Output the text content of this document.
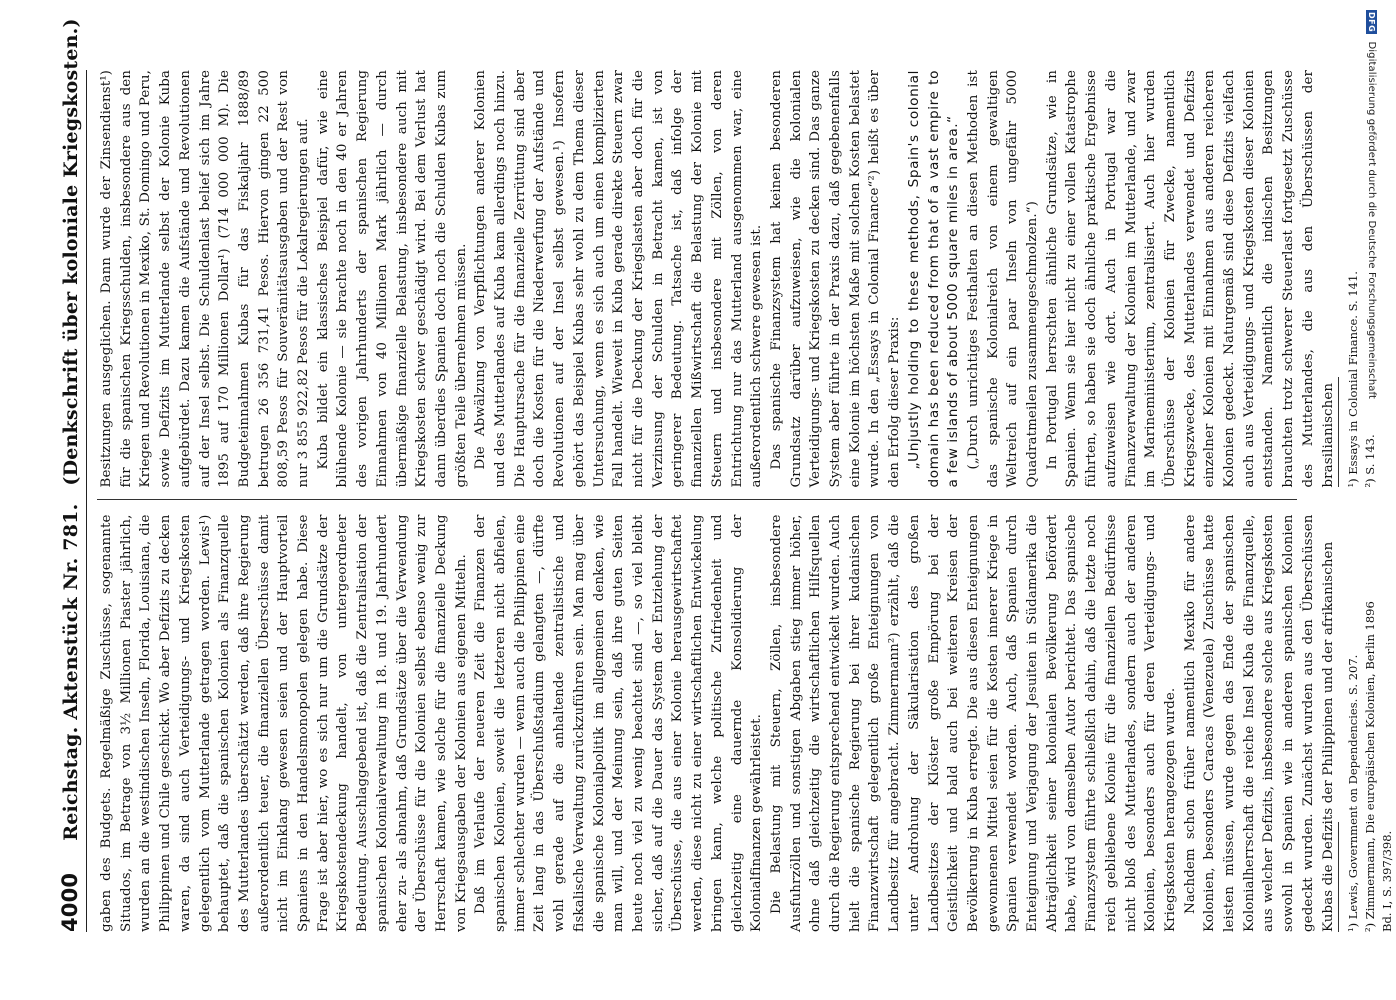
4000
Reichstag. Aktenstück Nr. 781.
(Denkschrift über koloniale Kriegskosten.)

gaben des Budgets. Regelmäßige Zuschüsse, sogenannte Situados, im Betrage von 3½ Millionen Piaster jährlich, wurden an die westindischen Inseln, Florida, Louisiana, die Philippinen und Chile geschickt. Wo aber Defizits zu decken waren, da sind auch Verteidigungs- und Kriegskosten gelegentlich vom Mutterlande getragen worden. Lewis¹) behauptet, daß die spanischen Kolonien als Finanzquelle des Mutterlandes überschätzt werden, daß ihre Regierung außerordentlich teuer, die finanziellen Überschüsse damit nicht im Einklang gewesen seien und der Hauptvorteil Spaniens in den Handelsmonopolen gelegen habe. Diese Frage ist aber hier, wo es sich nur um die Grundsätze der Kriegskostendeckung handelt, von untergeordneter Bedeutung. Ausschlaggebend ist, daß die Zentralisation der spanischen Kolonialverwaltung im 18. und 19. Jahrhundert eher zu- als abnahm, daß Grundsätze über die Verwendung der Überschüsse für die Kolonien selbst ebenso wenig zur Herrschaft kamen, wie solche für die finanzielle Deckung von Kriegsausgaben der Kolonien aus eigenen Mitteln. Daß im Verlaufe der neueren Zeit die Finanzen der spanischen Kolonien, soweit die letzteren nicht abfielen, immer schlechter wurden — wenn auch die Philippinen eine Zeit lang in das Überschußstadium gelangten —, dürfte wohl gerade auf die anhaltende zentralistische und fiskalische Verwaltung zurückzuführen sein. Man mag über die spanische Kolonialpolitik im allgemeinen denken, wie man will, und der Meinung sein, daß ihre guten Seiten heute noch viel zu wenig beachtet sind —, so viel bleibt sicher, daß auf die Dauer das System der Entziehung der Überschüsse, die aus einer Kolonie herausgewirtschaftet werden, diese nicht zu einer wirtschaftlichen Entwickelung bringen kann, welche politische Zufriedenheit und gleichzeitig eine dauernde Konsolidierung der Kolonialfinanzen gewährleistet. Die Belastung mit Steuern, Zöllen, insbesondere Ausfuhrzöllen und sonstigen Abgaben stieg immer höher, ohne daß gleichzeitig die wirtschaftlichen Hilfsquellen durch die Regierung entsprechend entwickelt wurden. Auch hielt die spanische Regierung bei ihrer kudanischen Finanzwirtschaft gelegentlich große Enteignungen von Landbesitz für angebracht. Zimmermann²) erzählt, daß die unter Androhung der Säkularisation des großen Landbesitzes der Klöster große Empörung bei der Geistlichkeit und bald auch bei weiteren Kreisen der Bevölkerung in Kuba erregte. Die aus diesen Enteignungen gewonnenen Mittel seien für die Kosten innerer Kriege in Spanien verwendet worden. Auch, daß Spanien durch Enteignung und Verjagung der Jesuiten in Südamerika die Abträglichkeit seiner kolonialen Bevölkerung befördert habe, wird von demselben Autor berichtet. Das spanische Finanzsystem führte schließlich dahin, daß die letzte noch reich gebliebene Kolonie für die finanziellen Bedürfnisse nicht bloß des Mutterlandes, sondern auch der anderen Kolonien, besonders auch für deren Verteidigungs- und Kriegskosten herangezogen wurde. Nachdem schon früher namentlich Mexiko für andere Kolonien, besonders Caracas (Venezuela) Zuschüsse hatte leisten müssen, wurde gegen das Ende der spanischen Kolonialherrschaft die reiche Insel Kuba die Finanzquelle, aus welcher Defizits, insbesondere solche aus Kriegskosten sowohl in Spanien wie in anderen spanischen Kolonien gedeckt wurden. Zunächst wurden aus den Überschüssen Kubas die Defizits der Philippinen und der afrikanischen ¹) Lewis, Government on Dependencies. S. 207. ²) Zimmermann, Die europäischen Kolonien, Berlin 1896 Bd. I, S. 397/398.

Besitzungen ausgeglichen. Dann wurde der Zinsendienst¹) für die spanischen Kriegsschulden, insbesondere aus den Kriegen und Revolutionen in Mexiko, St. Domingo und Peru, sowie Defizits im Mutterlande selbst der Kolonie Kuba aufgebürdet. Dazu kamen die Aufstände und Revolutionen auf der Insel selbst. Die Schuldenlast belief sich im Jahre 1895 auf 170 Millionen Dollar¹) (714 000 000 M). Die Budgeteinnahmen Kubas für das Fiskaljahr 1888/89 betrugen 26 356 731,41 Pesos. Hiervon gingen 22 500 808,59 Pesos für Souveränitätsausgaben und der Rest von nur 3 855 922,82 Pesos für die Lokalregierungen auf. Kuba bildet ein klassisches Beispiel dafür, wie eine blühende Kolonie — sie brachte noch in den 40 er Jahren des vorigen Jahrhunderts der spanischen Regierung Einnahmen von 40 Millionen Mark jährlich — durch übermäßige finanzielle Belastung, insbesondere auch mit Kriegskosten schwer geschädigt wird. Bei dem Verlust hat dann überdies Spanien doch noch die Schulden Kubas zum größten Teile übernehmen müssen. Die Abwälzung von Verpflichtungen anderer Kolonien und des Mutterlandes auf Kuba kam allerdings noch hinzu. Die Hauptursache für die finanzielle Zerrüttung sind aber doch die Kosten für die Niederwerfung der Aufstände und Revolutionen auf der Insel selbst gewesen.¹) Insofern gehört das Beispiel Kubas sehr wohl zu dem Thema dieser Untersuchung, wenn es sich auch um einen komplizierten Fall handelt. Wieweit in Kuba gerade direkte Steuern zwar nicht für die Deckung der Kriegslasten aber doch für die Verzinsung der Schulden in Betracht kamen, ist von geringerer Bedeutung. Tatsache ist, daß infolge der finanziellen Mißwirtschaft die Belastung der Kolonie mit Steuern und insbesondere mit Zöllen, von deren Entrichtung nur das Mutterland ausgenommen war, eine außerordentlich schwere gewesen ist. Das spanische Finanzsystem hat keinen besonderen Grundsatz darüber aufzuweisen, wie die kolonialen Verteidigungs- und Kriegskosten zu decken sind. Das ganze System aber führte in der Praxis dazu, daß gegebenenfalls eine Kolonie im höchsten Maße mit solchen Kosten belastet wurde. In den „Essays in Colonial Finance“²) heißt es über den Erfolg dieser Praxis: „Unjustly holding to these methods, Spain's colonial domain has been reduced from that of a vast empire to a few islands of about 5000 square miles in area.“ („Durch unrichtiges Festhalten an diesen Methoden ist das spanische Kolonialreich von einem gewaltigen Weltreich auf ein paar Inseln von ungefähr 5000 Quadratmeilen zusammengeschmolzen.“) In Portugal herrschten ähnliche Grundsätze, wie in Spanien. Wenn sie hier nicht zu einer vollen Katastrophe führten, so haben sie doch ähnliche praktische Ergebnisse aufzuweisen wie dort. Auch in Portugal war die Finanzverwaltung der Kolonien im Mutterlande, und zwar im Marineministerium, zentralisiert. Auch hier wurden Überschüsse der Kolonien für Zwecke, namentlich Kriegszwecke, des Mutterlandes verwendet und Defizits einzelner Kolonien mit Einnahmen aus anderen reicheren Kolonien gedeckt. Naturgemäß sind diese Defizits vielfach auch aus Verteidigungs- und Kriegskosten dieser Kolonien entstanden. Namentlich die indischen Besitzungen brauchten trotz schwerer Steuerlast fortgesetzt Zuschüsse des Mutterlandes, die aus den Überschüssen der brasilianischen ¹) Essays in Colonial Finance. S. 141. ²) S. 143.
DFG Digitalisierung gefördert durch die Deutsche Forschungsgemeinschaft
